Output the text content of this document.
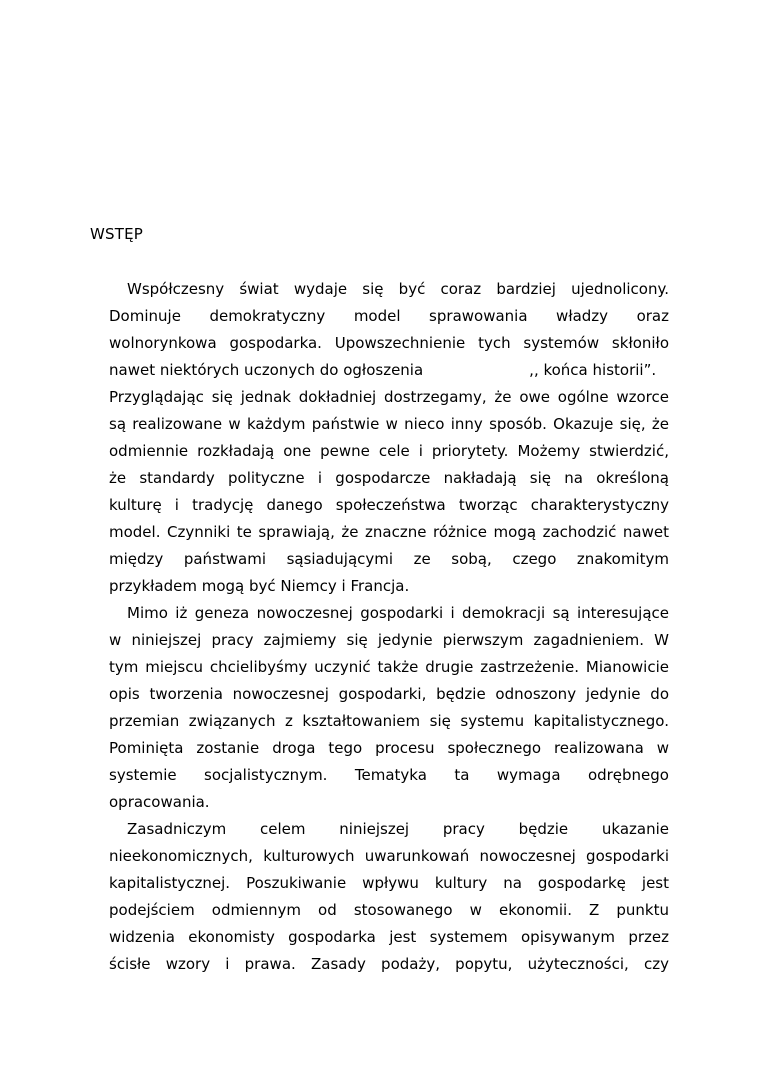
WSTĘP
Współczesny świat wydaje się być coraz bardziej ujednolicony.
Dominuje demokratyczny model sprawowania władzy oraz
wolnorynkowa gospodarka. Upowszechnienie tych systemów skłoniło
nawet niektórych uczonych do ogłoszenia	,, końca historii”.
Przyglądając się jednak dokładniej dostrzegamy, że owe ogólne wzorce
są realizowane w każdym państwie w nieco inny sposób. Okazuje się, że
odmiennie rozkładają one pewne cele i priorytety. Możemy stwierdzić,
że standardy polityczne i gospodarcze nakładają się na określoną
kulturę i tradycję danego społeczeństwa tworząc charakterystyczny
model. Czynniki te sprawiają, że znaczne różnice mogą zachodzić nawet
między państwami sąsiadującymi ze sobą, czego znakomitym
przykładem mogą być Niemcy i Francja.
Mimo iż geneza nowoczesnej gospodarki i demokracji są interesujące
w niniejszej pracy zajmiemy się jedynie pierwszym zagadnieniem. W
tym miejscu chcielibyśmy uczynić także drugie zastrzeżenie. Mianowicie
opis tworzenia nowoczesnej gospodarki, będzie odnoszony jedynie do
przemian związanych z kształtowaniem się systemu kapitalistycznego.
Pominięta zostanie droga tego procesu społecznego realizowana w
systemie socjalistycznym. Tematyka ta wymaga odrębnego
opracowania.
Zasadniczym celem niniejszej pracy będzie ukazanie
nieekonomicznych, kulturowych uwarunkowań nowoczesnej gospodarki
kapitalistycznej. Poszukiwanie wpływu kultury na gospodarkę jest
podejściem odmiennym od stosowanego w ekonomii. Z punktu
widzenia ekonomisty gospodarka jest systemem opisywanym przez
ścisłe wzory i prawa. Zasady podaży, popytu, użyteczności, czy
